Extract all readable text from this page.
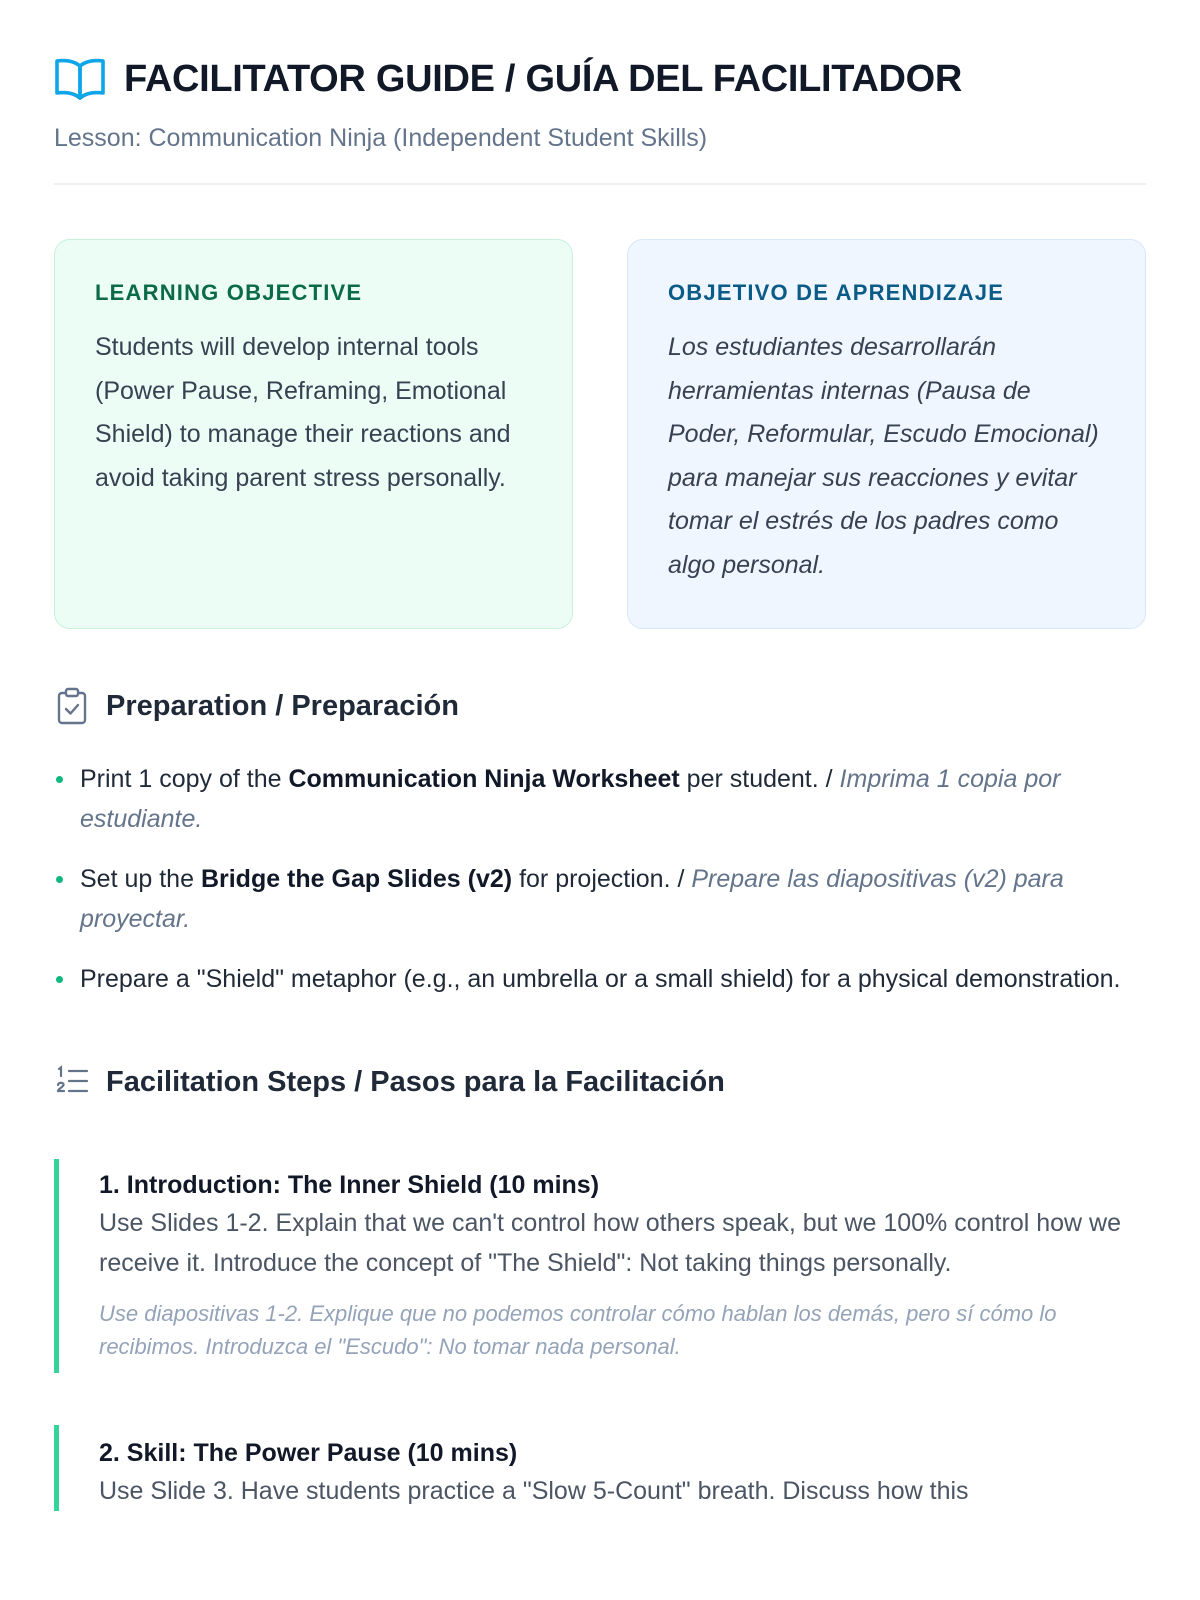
FACILITATOR GUIDE / GUÍA DEL FACILITADOR
Lesson: Communication Ninja (Independent Student Skills)
LEARNING OBJECTIVE

Students will develop internal tools (Power Pause, Reframing, Emotional Shield) to manage their reactions and avoid taking parent stress personally.

OBJETIVO DE APRENDIZAJE

Los estudiantes desarrollarán herramientas internas (Pausa de Poder, Reformular, Escudo Emocional) para manejar sus reacciones y evitar tomar el estrés de los padres como algo personal.

Preparation / Preparación
Print 1 copy of the Communication Ninja Worksheet per student. / Imprima 1 copia por estudiante.
Set up the Bridge the Gap Slides (v2) for projection. / Prepare las diapositivas (v2) para proyectar.
Prepare a "Shield" metaphor (e.g., an umbrella or a small shield) for a physical demonstration.
Facilitation Steps / Pasos para la Facilitación
1. Introduction: The Inner Shield (10 mins)

Use Slides 1-2. Explain that we can't control how others speak, but we 100% control how we receive it. Introduce the concept of "The Shield": Not taking things personally.

Use diapositivas 1-2. Explique que no podemos controlar cómo hablan los demás, pero sí cómo lo recibimos. Introduzca el "Escudo": No tomar nada personal.

2. Skill: The Power Pause (10 mins)

Use Slide 3. Have students practice a "Slow 5-Count" breath. Discuss how this
